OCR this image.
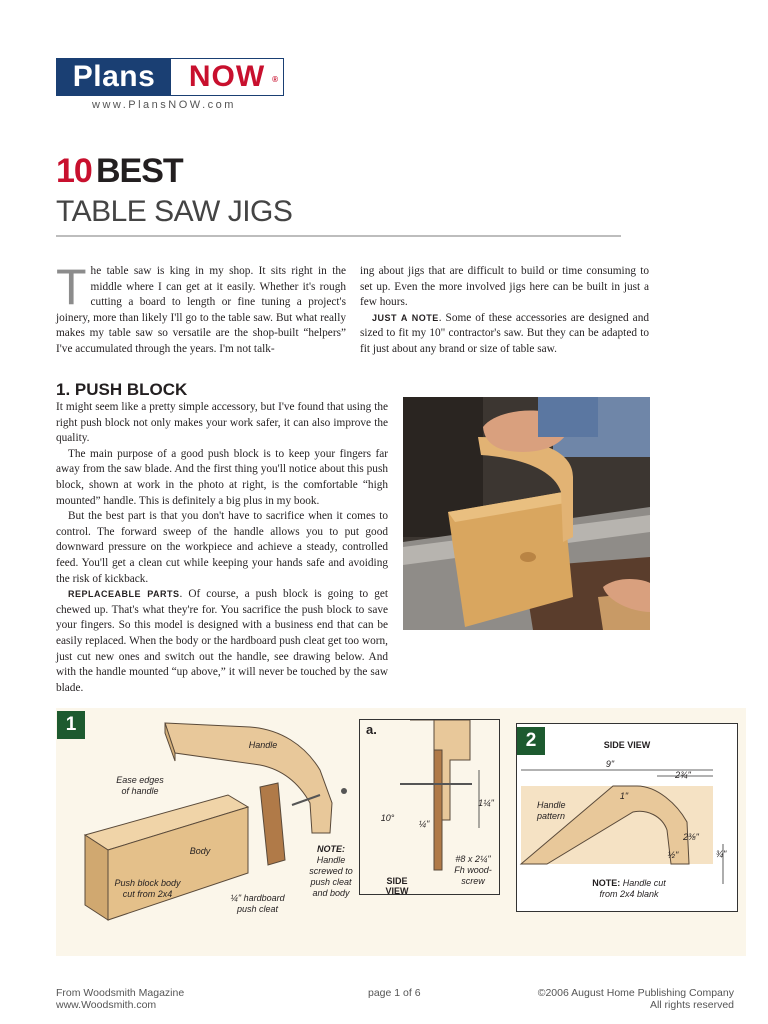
Plans	NOW ®
www.PlansNOW.com
10 BEST
TABLE SAW JIGS

The table saw is king in my shop. It sits right in the middle where I can get at it easily. Whether it's rough cutting a board to length or fine tuning a project's joinery, more than likely I'll go to the table saw. But what really makes my table saw so versatile are the shop-built “helpers” I've accumulated through the years. I'm not talk-

ing about jigs that are difficult to build or time consuming to set up. Even the more involved jigs here can be built in just a few hours.

JUST A NOTE. Some of these accessories are designed and sized to fit my 10" contractor's saw. But they can be adapted to fit just about any brand or size of table saw.

1. PUSH BLOCK

It might seem like a pretty simple accessory, but I've found that using the right push block not only makes your work safer, it can also improve the quality.

The main purpose of a good push block is to keep your fingers far away from the saw blade. And the first thing you'll notice about this push block, shown at work in the photo at right, is the comfortable “high mounted” handle. This is definitely a big plus in my book.

But the best part is that you don't have to sacrifice when it comes to control. The forward sweep of the handle allows you to put good downward pressure on the workpiece and achieve a steady, controlled feed. You'll get a clean cut while keeping your hands safe and avoiding the risk of kickback.

REPLACEABLE PARTS. Of course, a push block is going to get chewed up. That's what they're for. You sacrifice the push block to save your fingers. So this model is designed with a business end that can be easily replaced. When the body or the hardboard push cleat get too worn, just cut new ones and switch out the handle, see drawing below. And with the handle mounted “up above,” it will never be touched by the saw blade.

1
Handle
Ease edges
of handle
Body
Push block body
cut from 2x4	¼" hardboard
push cleat
NOTE:
Handle
screwed to
push cleat
and body
a.
10°
¼"
1¼"
#8 x 2¼"
Fh wood-
screw
SIDE
VIEW
SIDE VIEW
9"
2¾"
Handle
pattern
1"
2⅜"
½"	¾"
NOTE: Handle cut
from 2x4 blank
2
From Woodsmith Magazine
www.Woodsmith.com
page 1 of 6	©2006 August Home Publishing Company
All rights reserved
